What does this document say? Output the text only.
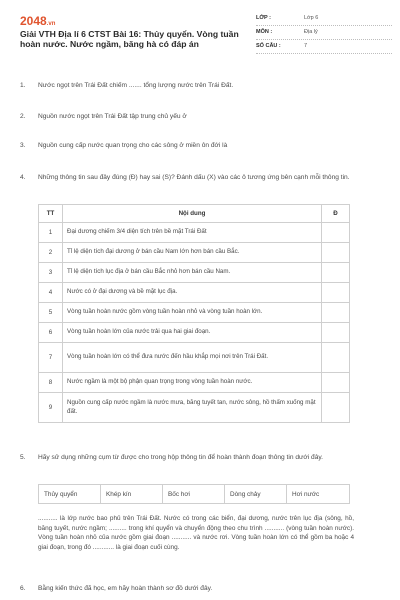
2048.vn
Giải VTH Địa lí 6 CTST Bài 16: Thủy quyển. Vòng tuần hoàn nước. Nước ngầm, băng hà có đáp án
LỚP :	Lớp 6
MÔN :	Địa lý
SỐ CÂU :	7
1. Nước ngọt trên Trái Đất chiếm ....... tổng lượng nước trên Trái Đất.
2. Nguồn nước ngọt trên Trái Đất tập trung chủ yếu ở
3. Nguồn cung cấp nước quan trọng cho các sông ở miền ôn đới là
4. Những thông tin sau đây đúng (Đ) hay sai (S)? Đánh dấu (X) vào các ô tương ứng bên cạnh mỗi thông tin.
TT	Nội dung	Đ
1	Đại dương chiếm 3/4 diện tích trên bề mặt Trái Đất	
2	Tỉ lệ diện tích đại dương ở bán cầu Nam lớn hơn bán cầu Bắc.	
3	Tỉ lệ diện tích lục địa ở bán cầu Bắc nhỏ hơn bán cầu Nam.	
4	Nước có ở đại dương và bề mặt lục địa.	
5	Vòng tuần hoàn nước gồm vòng tuần hoàn nhỏ và vòng tuần hoàn lớn.	
6	Vòng tuần hoàn lớn của nước trải qua hai giai đoạn.	
7	Vòng tuần hoàn lớn có thể đưa nước đến hầu khắp mọi nơi trên Trái Đất.	
8	Nước ngầm là một bộ phận quan trọng trong vòng tuần hoàn nước.	
9	Nguồn cung cấp nước ngầm là nước mưa, băng tuyết tan, nước sông, hồ thấm xuống mặt đất.	
5. Hãy sử dụng những cụm từ được cho trong hộp thông tin để hoàn thành đoạn thông tin dưới đây.
Thủy quyển	Khép kín	Bốc hơi	Dòng chảy	Hơi nước
........... là lớp nước bao phủ trên Trái Đất. Nước có trong các biển, đại dương, nước trên lục địa (sông, hồ, băng tuyết, nước ngầm; .......... trong khí quyển và chuyển động theo chu trình ........... (vòng tuần hoàn nước). Vòng tuần hoàn nhỏ của nước gồm giai đoạn ........... và nước rơi. Vòng tuần hoàn lớn có thể gồm ba hoặc 4 giai đoạn, trong đó ............ là giai đoạn cuối cùng.
6. Bằng kiến thức đã học, em hãy hoàn thành sơ đồ dưới đây.
